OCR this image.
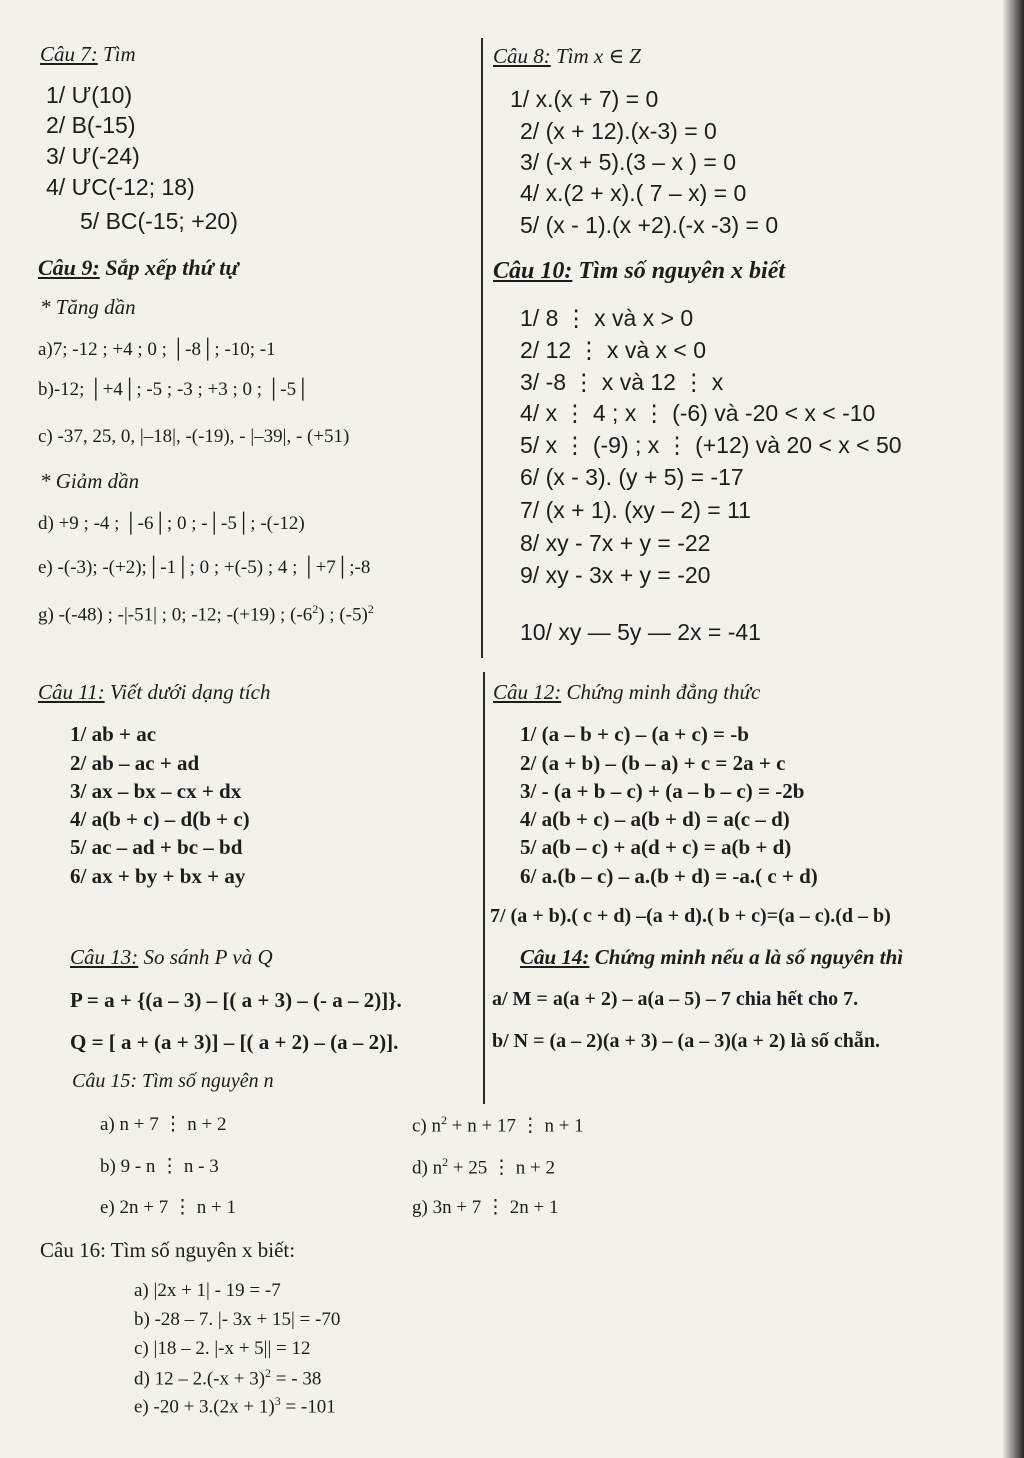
Câu 7: Tìm
1/ Ư(10)
2/ B(-15)
3/ Ư(-24)
4/ ƯC(-12; 18)
5/ BC(-15; +20)
Câu 8: Tìm x ∈ Z
1/ x.(x + 7) = 0
2/ (x + 12).(x-3) = 0
3/ (-x + 5).(3 – x ) = 0
4/ x.(2 + x).( 7 – x) = 0
5/ (x - 1).(x +2).(-x -3) = 0
Câu 9: Sắp xếp thứ tự
* Tăng dần
a)7; -12 ; +4 ; 0 ; │-8│; -10; -1
b)-12; │+4│; -5 ; -3 ; +3 ; 0 ; │-5│
c) -37, 25, 0, |–18|, -(-19), - |–39|, - (+51)
* Giảm dần
d) +9 ; -4 ; │-6│; 0 ; -│-5│; -(-12)
e) -(-3); -(+2);│-1│; 0 ; +(-5) ; 4 ; │+7│;-8
g) -(-48) ; -|-51| ; 0; -12; -(+19) ; $(-6^2)$ ; $(-5)^2$
Câu 10: Tìm số nguyên x biết
1/ 8 ⋮ x và x > 0
2/ 12 ⋮ x và x < 0
3/ -8 ⋮ x và 12 ⋮ x
4/ x ⋮ 4 ; x ⋮ (-6) và -20 < x < -10
5/ x ⋮ (-9) ; x ⋮ (+12) và 20 < x < 50
6/ (x - 3). (y + 5) = -17
7/ (x + 1). (xy – 2) = 11
8/ xy - 7x + y = -22
9/ xy - 3x + y = -20
10/ xy — 5y — 2x = -41
Câu 11: Viết dưới dạng tích
1/ ab + ac
2/ ab – ac + ad
3/ ax – bx – cx + dx
4/ a(b + c) – d(b + c)
5/ ac – ad + bc – bd
6/ ax + by + bx + ay
Câu 12: Chứng minh đẳng thức
1/ (a – b + c) – (a + c) = -b
2/ (a + b) – (b – a) + c = 2a + c
3/ - (a + b – c) + (a – b – c) = -2b
4/ a(b + c) – a(b + d) = a(c – d)
5/ a(b – c) + a(d + c) = a(b + d)
6/ a.(b – c) – a.(b + d) = -a.( c + d)
7/ (a + b).( c + d) –(a + d).( b + c)=(a – c).(d – b)
Câu 13: So sánh P và Q
P = a + {(a – 3) – [( a + 3) – (- a – 2)]}.
Q = [ a + (a + 3)] – [( a + 2) – (a – 2)].
Câu 14: Chứng minh nếu a là số nguyên thì
a/ M = a(a + 2) – a(a – 5) – 7 chia hết cho 7.
b/ N = (a – 2)(a + 3) – (a – 3)(a + 2) là số chẵn.
Câu 15: Tìm số nguyên n
a) n + 7 ⋮ n + 2
b) 9 - n ⋮ n - 3
e) 2n + 7 ⋮ n + 1
c) $n^2 + n + 17$ ⋮ n + 1
d) $n^2 + 25$ ⋮ n + 2
g) 3n + 7 ⋮ 2n + 1
Câu 16: Tìm số nguyên x biết:
a) |2x + 1| - 19 = -7
b) -28 – 7. |- 3x + 15| = -70
c) |18 – 2. |-x + 5|| = 12
d) $12 - 2.(-x + 3)^2$ = - 38
e) $-20 + 3.(2x + 1)^3 = -101$
